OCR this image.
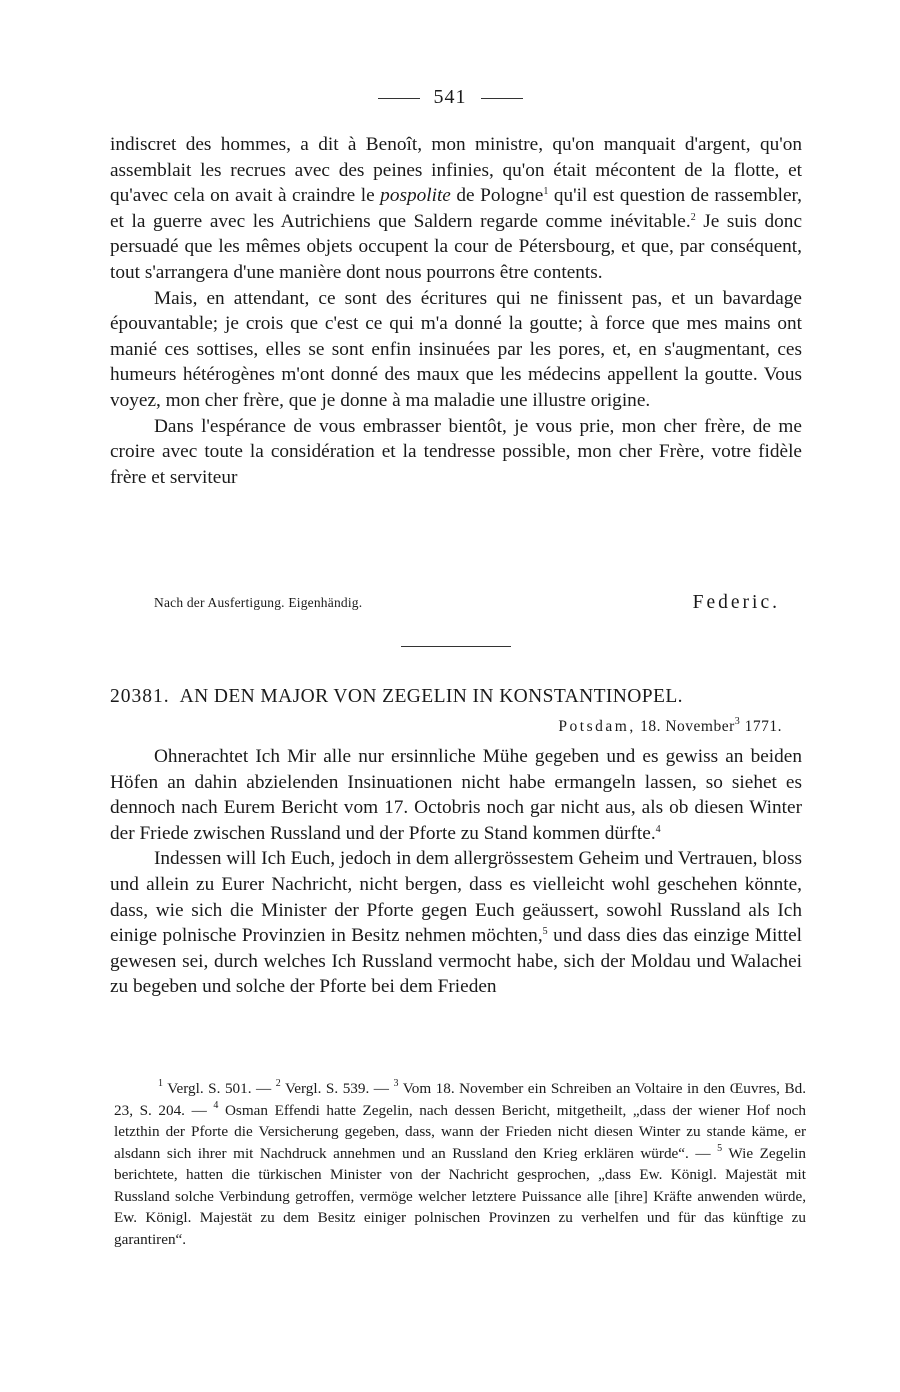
541

indiscret des hommes, a dit à Benoît, mon ministre, qu'on manquait d'argent, qu'on assemblait les recrues avec des peines infinies, qu'on était mécontent de la flotte, et qu'avec cela on avait à craindre le pospolite de Pologne$^1$ qu'il est question de rassembler, et la guerre avec les Autrichiens que Saldern regarde comme inévitable.$^2$ Je suis donc persuadé que les mêmes objets occupent la cour de Pétersbourg, et que, par conséquent, tout s'arrangera d'une manière dont nous pourrons être contents.

Mais, en attendant, ce sont des écritures qui ne finissent pas, et un bavardage épouvantable; je crois que c'est ce qui m'a donné la goutte; à force que mes mains ont manié ces sottises, elles se sont enfin insinuées par les pores, et, en s'augmentant, ces humeurs hétérogènes m'ont donné des maux que les médecins appellent la goutte. Vous voyez, mon cher frère, que je donne à ma maladie une illustre origine.

Dans l'espérance de vous embrasser bientôt, je vous prie, mon cher frère, de me croire avec toute la considération et la tendresse possible, mon cher Frère, votre fidèle frère et serviteur

Nach der Ausfertigung. Eigenhändig.	Federic.
20381. AN DEN MAJOR VON ZEGELIN IN KONSTANTINOPEL.
Potsdam, 18. November$^3$ 1771.

Ohnerachtet Ich Mir alle nur ersinnliche Mühe gegeben und es gewiss an beiden Höfen an dahin abzielenden Insinuationen nicht habe ermangeln lassen, so siehet es dennoch nach Eurem Bericht vom 17. Octobris noch gar nicht aus, als ob diesen Winter der Friede zwischen Russland und der Pforte zu Stand kommen dürfte.$^4$

Indessen will Ich Euch, jedoch in dem allergrössestem Geheim und Vertrauen, bloss und allein zu Eurer Nachricht, nicht bergen, dass es vielleicht wohl geschehen könnte, dass, wie sich die Minister der Pforte gegen Euch geäussert, sowohl Russland als Ich einige polnische Provinzien in Besitz nehmen möchten,$^5$ und dass dies das einzige Mittel gewesen sei, durch welches Ich Russland vermocht habe, sich der Moldau und Walachei zu begeben und solche der Pforte bei dem Frieden

$^1$ Vergl. S. 501. — $^2$ Vergl. S. 539. — $^3$ Vom 18. November ein Schreiben an Voltaire in den Œuvres, Bd. 23, S. 204. — $^4$ Osman Effendi hatte Zegelin, nach dessen Bericht, mitgetheilt, „dass der wiener Hof noch letzthin der Pforte die Versicherung gegeben, dass, wann der Frieden nicht diesen Winter zu stande käme, er alsdann sich ihrer mit Nachdruck annehmen und an Russland den Krieg erklären würde“. — $^5$ Wie Zegelin berichtete, hatten die türkischen Minister von der Nachricht gesprochen, „dass Ew. Königl. Majestät mit Russland solche Verbindung getroffen, vermöge welcher letztere Puissance alle [ihre] Kräfte anwenden würde, Ew. Königl. Majestät zu dem Besitz einiger polnischen Provinzen zu verhelfen und für das künftige zu garantiren“.
